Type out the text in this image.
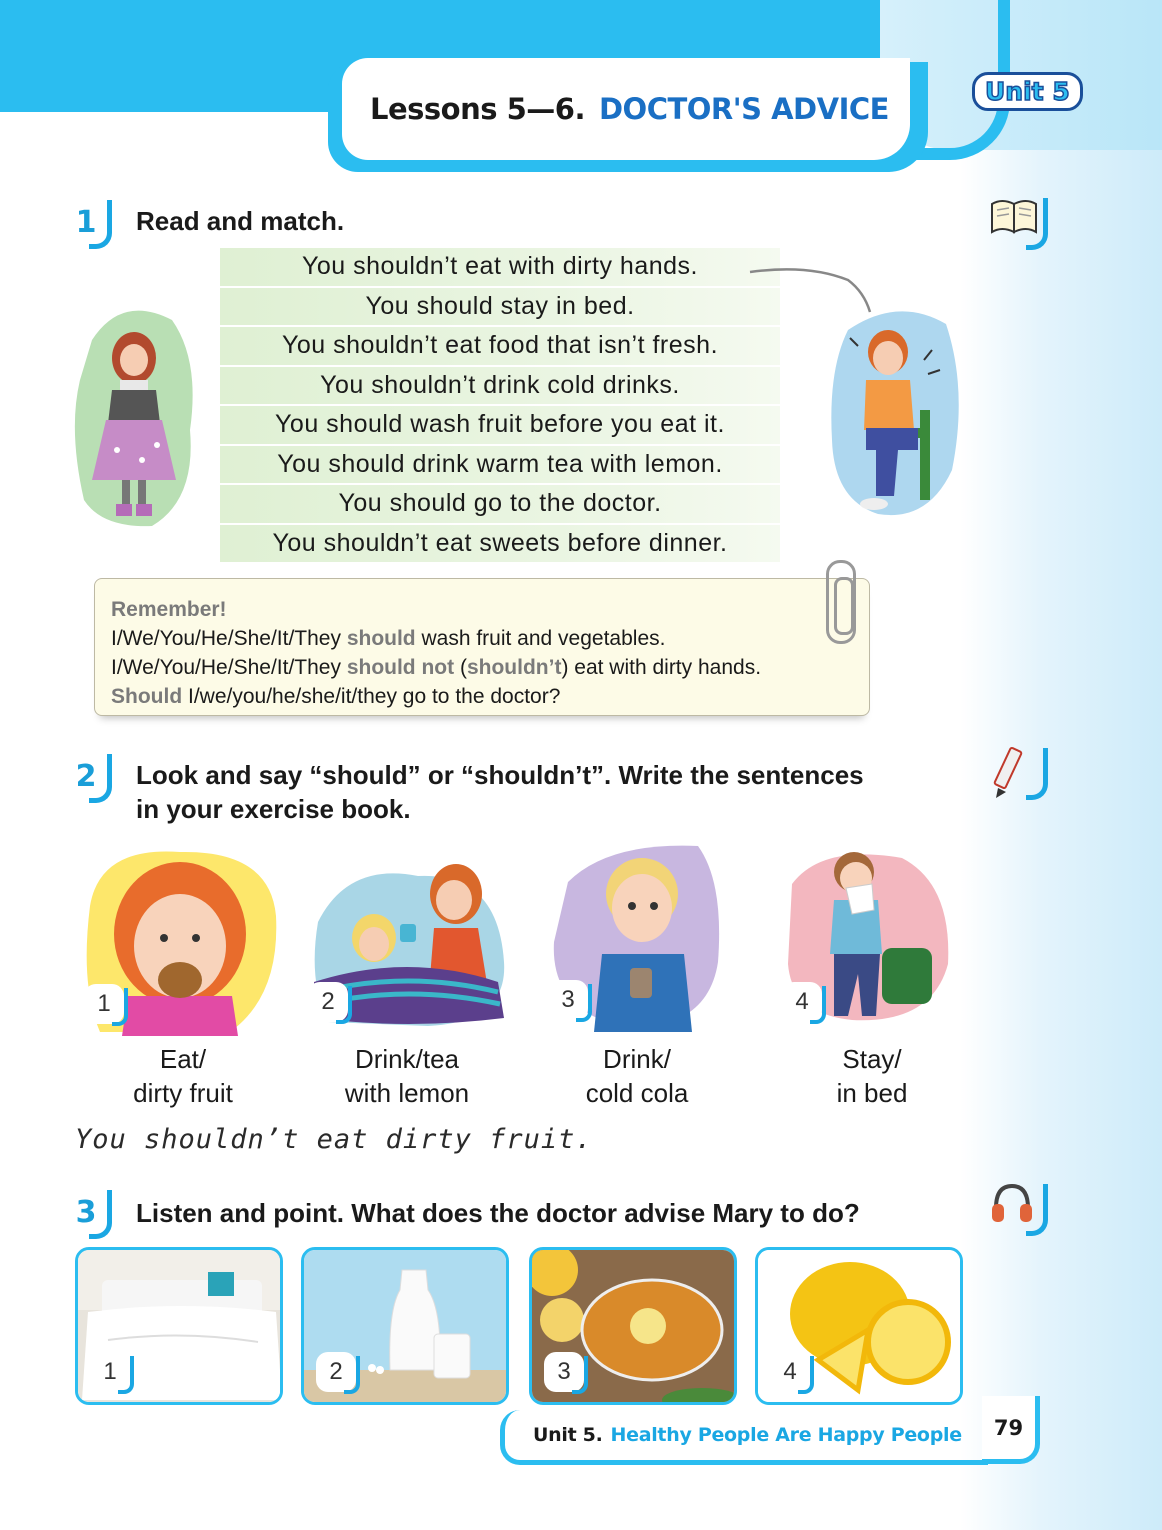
Lessons 5—6. DOCTOR'S ADVICE
Unit 5
1	Read and match.
You shouldn’t eat with dirty hands.
You should stay in bed.
You shouldn’t eat food that isn’t fresh.
You shouldn’t drink cold drinks.
You should wash fruit before you eat it.
You should drink warm tea with lemon.
You should go to the doctor.
You shouldn’t eat sweets before dinner.
Remember!
I/We/You/He/She/It/They should wash fruit and vegetables.
I/We/You/He/She/It/They should not (shouldn’t) eat with dirty hands.
Should I/we/you/he/she/it/they go to the doctor?
2	Look and say “should” or “shouldn’t”. Write the sentences
in your exercise book.
1	2	3	4
Eat/
dirty fruit
Drink/tea
with lemon
Drink/
cold cola
Stay/
in bed
You shouldn’t eat dirty fruit.
3	Listen and point. What does the doctor advise Mary to do?
1	2	3	4
Unit 5. Healthy People Are Happy People	79
